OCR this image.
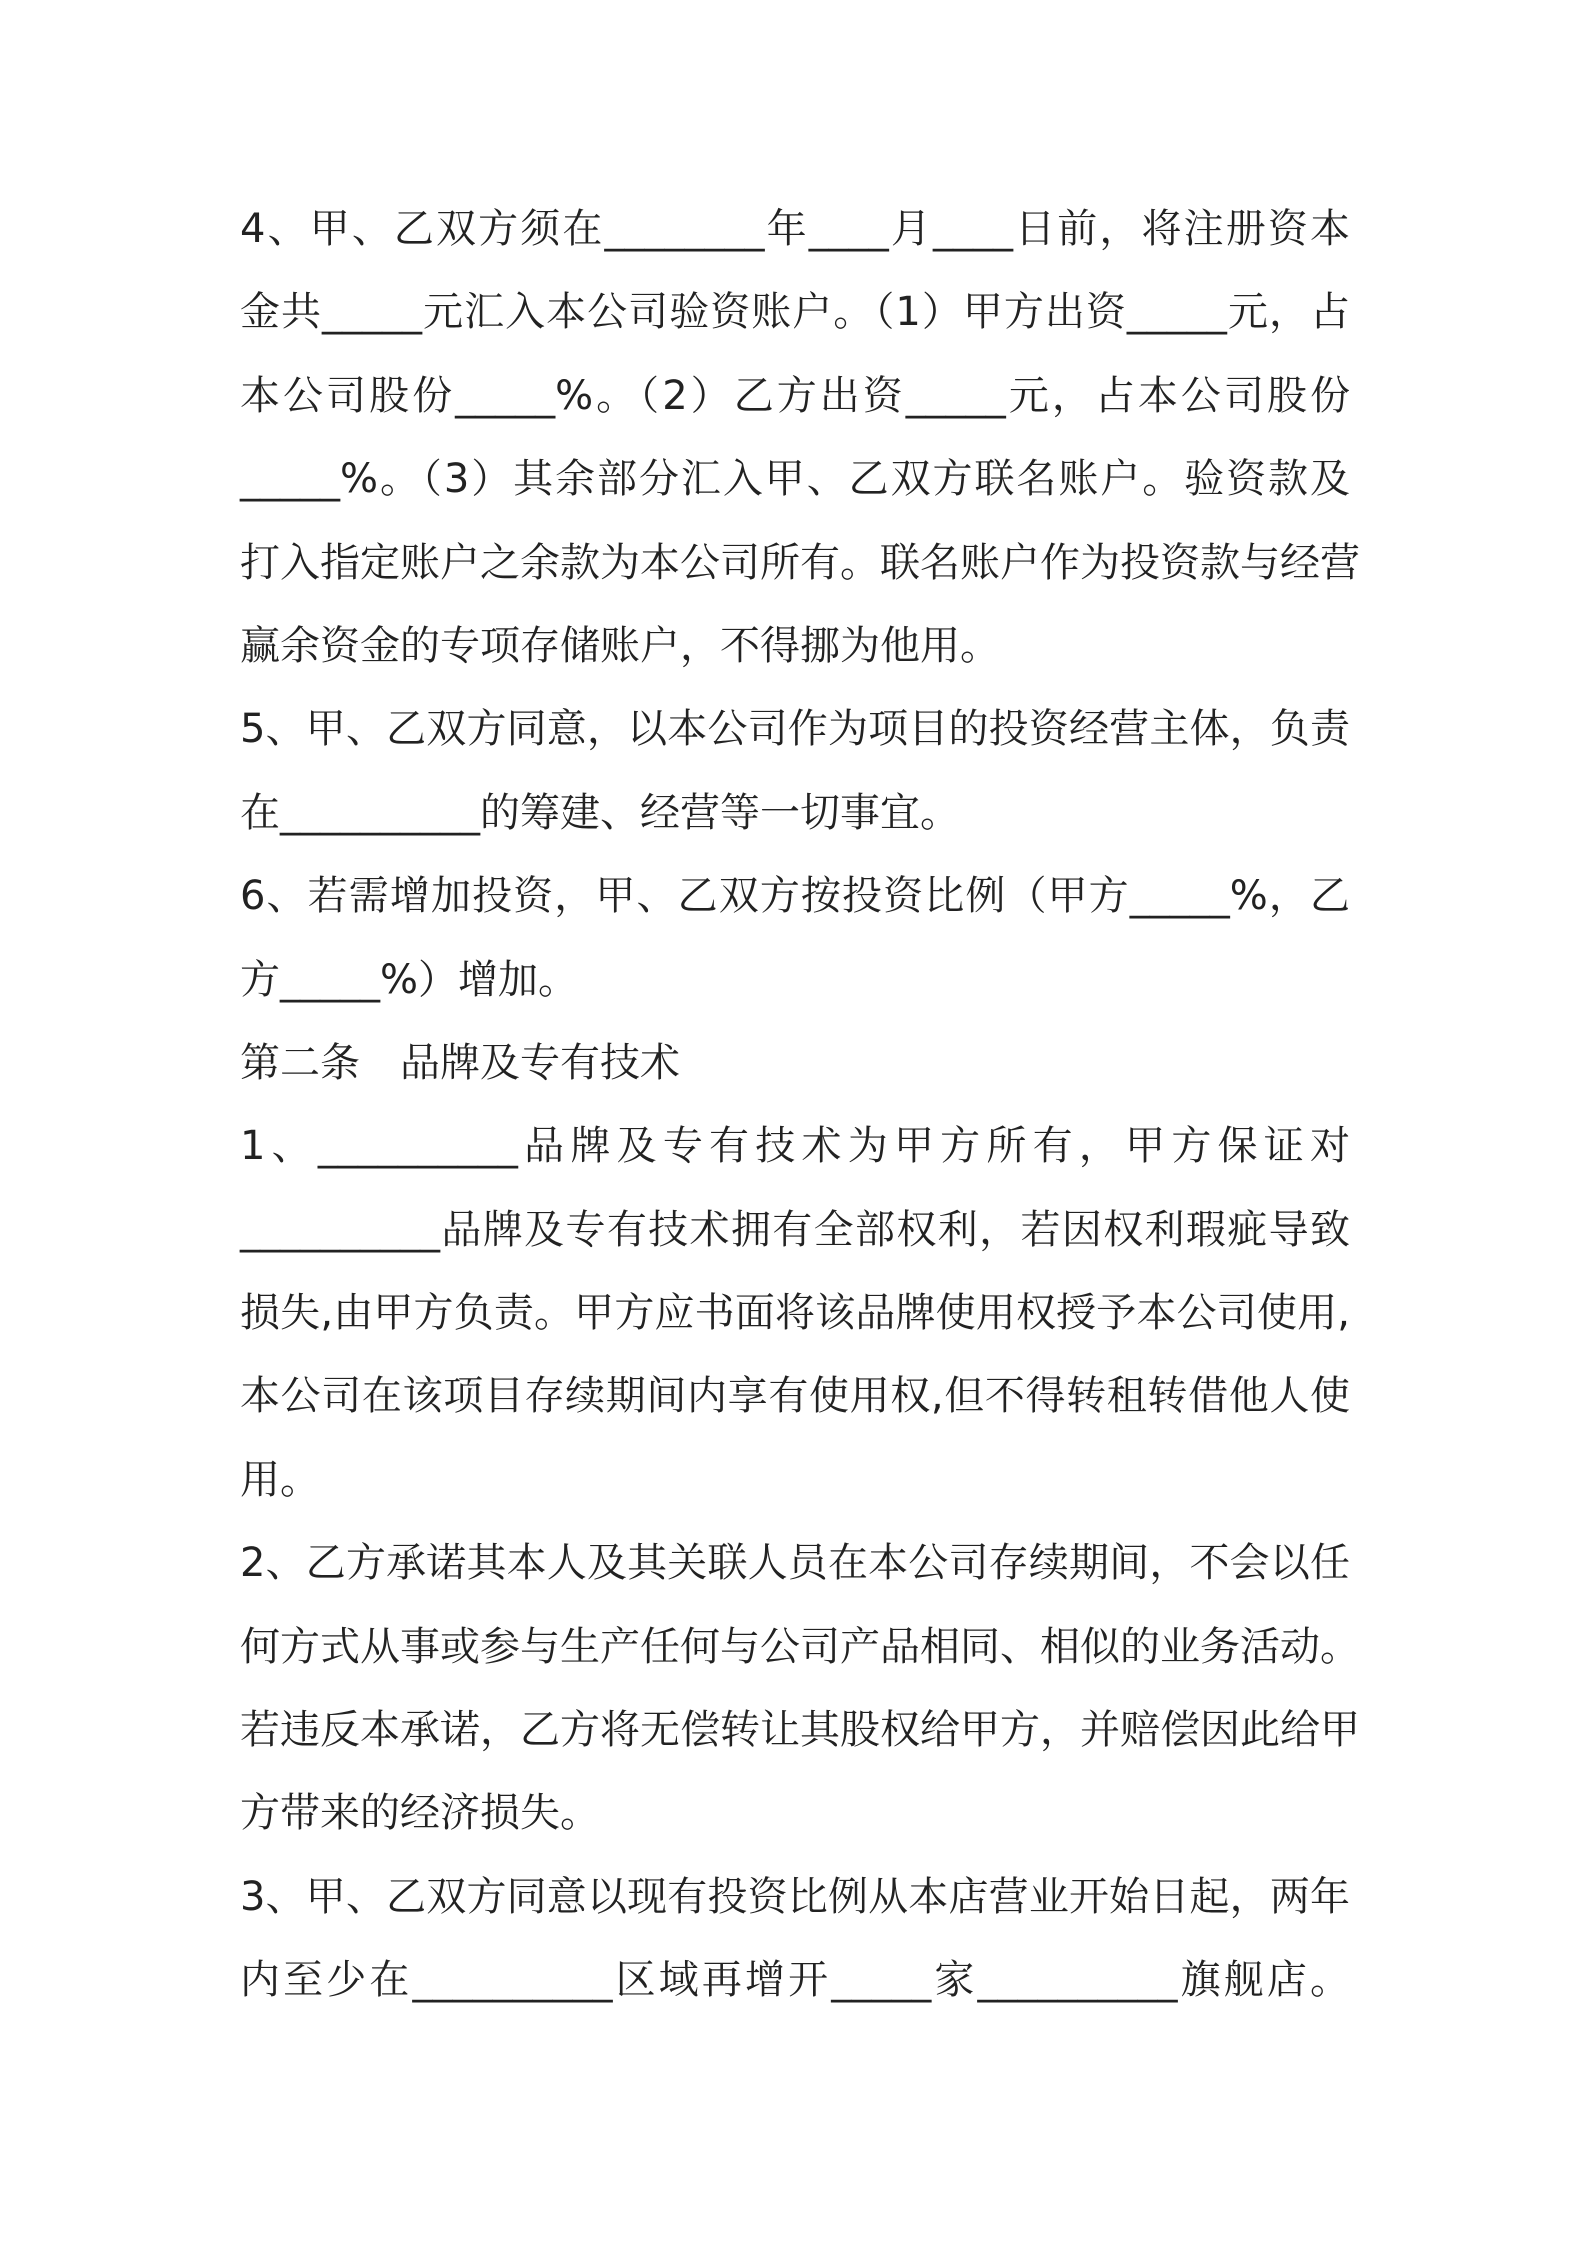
4、甲、乙双方须在________年____月____日前，将注册资本
金共_____元汇入本公司验资账户。（1）甲方出资_____元，占
本公司股份_____%。（2）乙方出资_____元，占本公司股份
_____%。（3）其余部分汇入甲、乙双方联名账户。验资款及
打入指定账户之余款为本公司所有。联名账户作为投资款与经营
赢余资金的专项存储账户，不得挪为他用。
5、甲、乙双方同意，以本公司作为项目的投资经营主体，负责
在__________的筹建、经营等一切事宜。
6、若需增加投资，甲、乙双方按投资比例（甲方_____%，乙
方_____%）增加。
第二条　品牌及专有技术
1、__________品牌及专有技术为甲方所有，甲方保证对
__________品牌及专有技术拥有全部权利，若因权利瑕疵导致
损失,由甲方负责。甲方应书面将该品牌使用权授予本公司使用,
本公司在该项目存续期间内享有使用权,但不得转租转借他人使
用。
2、乙方承诺其本人及其关联人员在本公司存续期间，不会以任
何方式从事或参与生产任何与公司产品相同、相似的业务活动。
若违反本承诺，乙方将无偿转让其股权给甲方，并赔偿因此给甲
方带来的经济损失。
3、甲、乙双方同意以现有投资比例从本店营业开始日起，两年
内至少在__________区域再增开_____家__________旗舰店。
